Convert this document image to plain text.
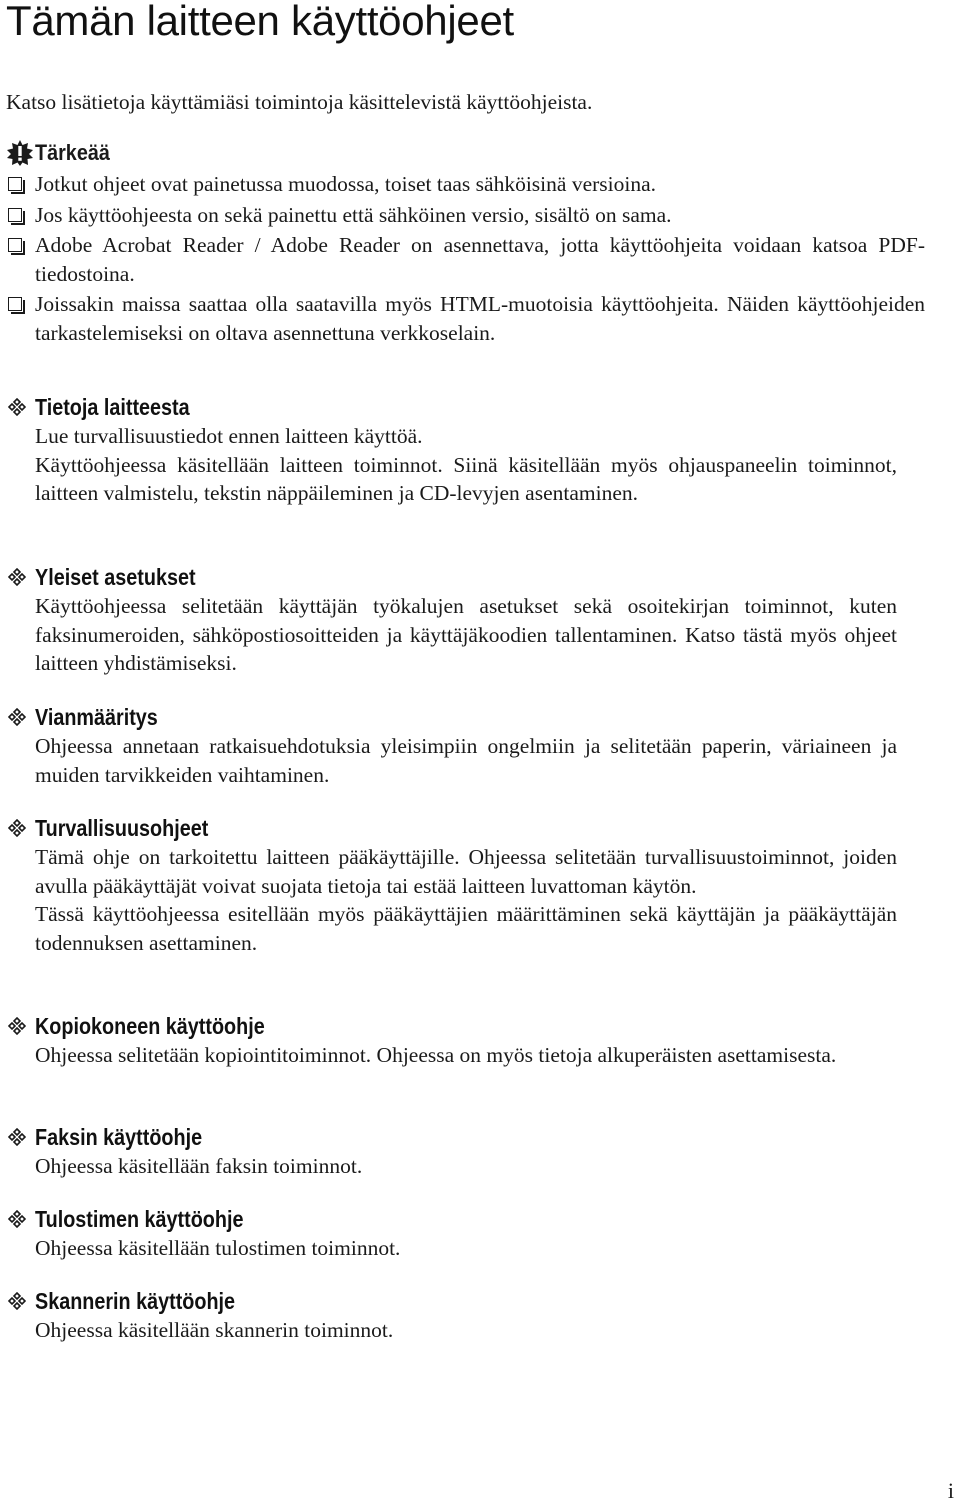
Tämän laitteen käyttöohjeet

Katso lisätietoja käyttämiäsi toimintoja käsittelevistä käyttöohjeista.

Tärkeää
Jotkut ohjeet ovat painetussa muodossa, toiset taas sähköisinä versioina.
Jos käyttöohjeesta on sekä painettu että sähköinen versio, sisältö on sama.
Adobe Acrobat Reader / Adobe Reader on asennettava, jotta käyttöohjeita voidaan katsoa PDF-tiedostoina.
Joissakin maissa saattaa olla saatavilla myös HTML-muotoisia käyttöohjeita. Näiden käyttöohjeiden tarkastelemiseksi on oltava asennettuna verkkoselain.
Tietoja laitteesta

Lue turvallisuustiedot ennen laitteen käyttöä.

Käyttöohjeessa käsitellään laitteen toiminnot. Siinä käsitellään myös ohjauspaneelin toiminnot, laitteen valmistelu, tekstin näppäileminen ja CD-levyjen asentaminen.

Yleiset asetukset

Käyttöohjeessa selitetään käyttäjän työkalujen asetukset sekä osoitekirjan toiminnot, kuten faksinumeroiden, sähköpostiosoitteiden ja käyttäjäkoodien tallentaminen. Katso tästä myös ohjeet laitteen yhdistämiseksi.

Vianmääritys

Ohjeessa annetaan ratkaisuehdotuksia yleisimpiin ongelmiin ja selitetään paperin, väriaineen ja muiden tarvikkeiden vaihtaminen.

Turvallisuusohjeet

Tämä ohje on tarkoitettu laitteen pääkäyttäjille. Ohjeessa selitetään turvallisuustoiminnot, joiden avulla pääkäyttäjät voivat suojata tietoja tai estää laitteen luvattoman käytön.

Tässä käyttöohjeessa esitellään myös pääkäyttäjien määrittäminen sekä käyttäjän ja pääkäyttäjän todennuksen asettaminen.

Kopiokoneen käyttöohje

Ohjeessa selitetään kopiointitoiminnot. Ohjeessa on myös tietoja alkuperäisten asettamisesta.

Faksin käyttöohje

Ohjeessa käsitellään faksin toiminnot.

Tulostimen käyttöohje

Ohjeessa käsitellään tulostimen toiminnot.

Skannerin käyttöohje

Ohjeessa käsitellään skannerin toiminnot.

i
